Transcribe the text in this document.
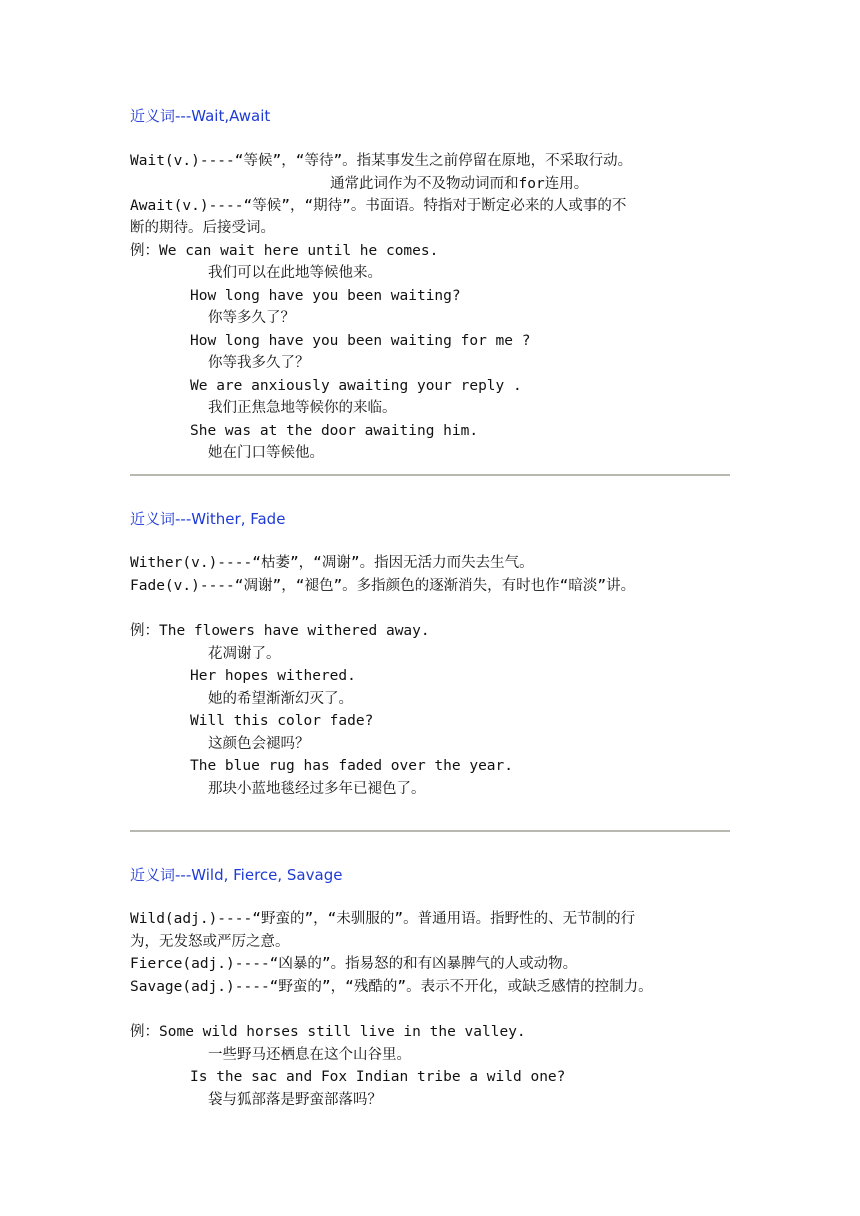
近义词---Wait,Await
Wait(v.)----“等候”，“等待”。指某事发生之前停留在原地，不采取行动。
通常此词作为不及物动词而和for连用。
Await(v.)----“等候”，“期待”。书面语。特指对于断定必来的人或事的不
断的期待。后接受词。
例：We can wait here until he comes.
我们可以在此地等候他来。
How long have you been waiting?
你等多久了？
How long have you been waiting for me ?
你等我多久了？
We are anxiously awaiting your reply .
我们正焦急地等候你的来临。
She was at the door awaiting him.
她在门口等候他。
近义词---Wither, Fade
Wither(v.)----“枯萎”，“凋谢”。指因无活力而失去生气。
Fade(v.)----“凋谢”，“褪色”。多指颜色的逐渐消失，有时也作“暗淡”讲。
例：The flowers have withered away.
花凋谢了。
Her hopes withered.
她的希望渐渐幻灭了。
Will this color fade?
这颜色会褪吗？
The blue rug has faded over the year.
那块小蓝地毯经过多年已褪色了。
近义词---Wild, Fierce, Savage
Wild(adj.)----“野蛮的”，“未驯服的”。普通用语。指野性的、无节制的行
为，无发怒或严厉之意。
Fierce(adj.)----“凶暴的”。指易怒的和有凶暴脾气的人或动物。
Savage(adj.)----“野蛮的”，“残酷的”。表示不开化，或缺乏感情的控制力。
例：Some wild horses still live in the valley.
一些野马还栖息在这个山谷里。
Is the sac and Fox Indian tribe a wild one?
袋与狐部落是野蛮部落吗？
